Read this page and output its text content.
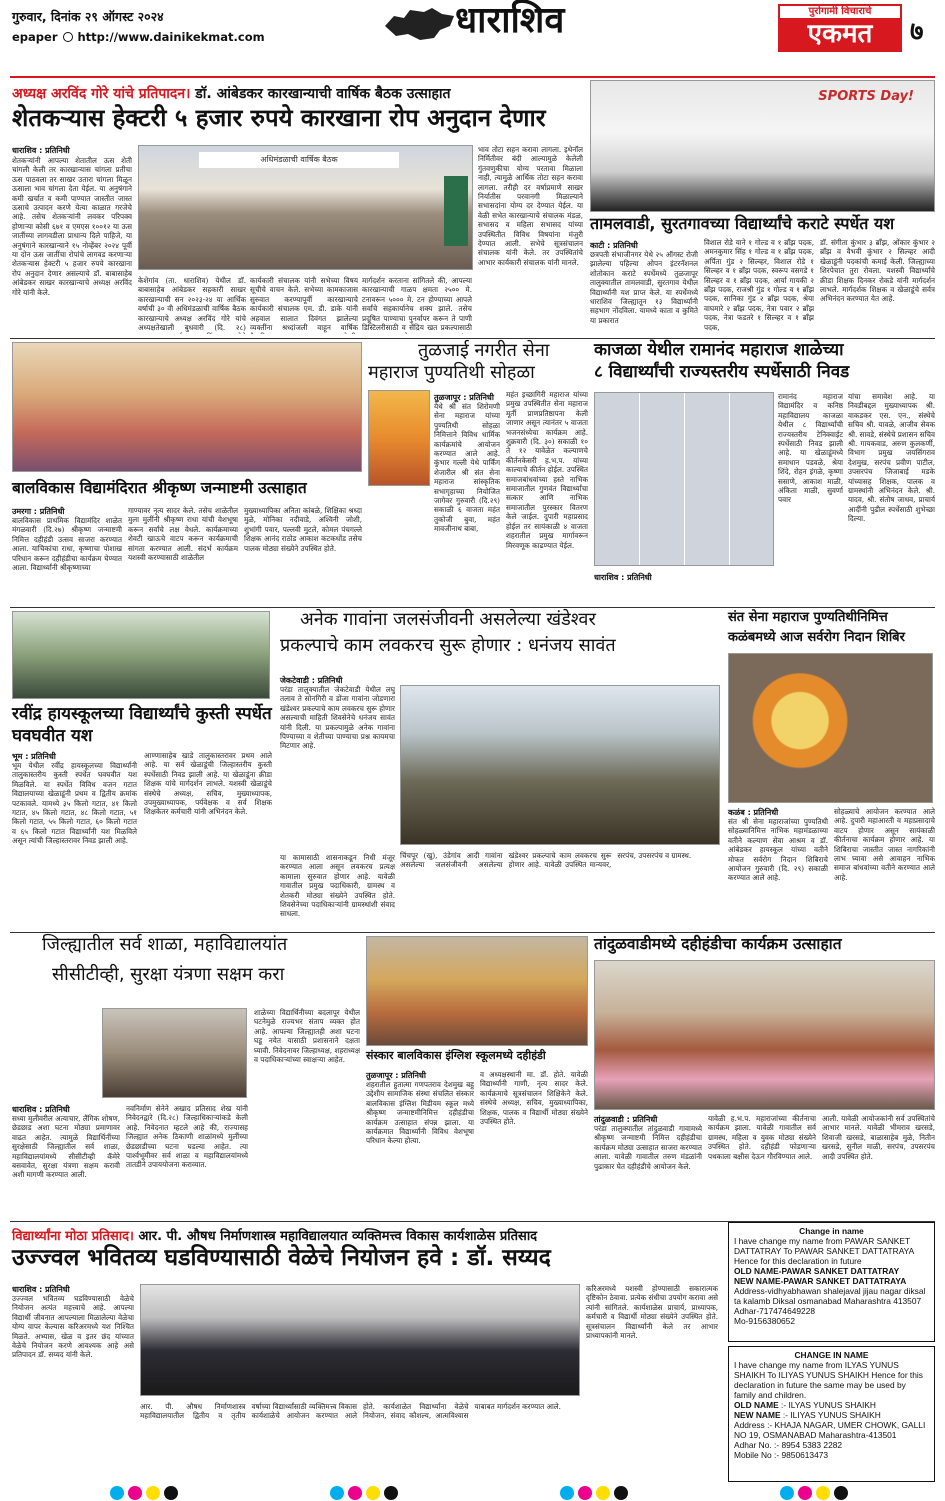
गुरुवार, दिनांक २९ ऑगस्ट २०२४
epaper http://www.dainikekmat.com	धाराशिव	पुरोगामी विचाराचे
एकमत	७
अध्यक्ष अरविंद गोरे यांचे प्रतिपादन। डॉ. आंबेडकर कारखान्याची वार्षिक बैठक उत्साहात
शेतकऱ्यास हेक्टरी ५ हजार रुपये कारखाना रोप अनुदान देणार
धाराशिव : प्रतिनिधी
शेतकऱ्यांनी आपल्या शेतातील ऊस शेती चांगली केली तर कारखान्यास चांगला प्रतीचा ऊस पाठवला तर साखर उतारा चांगला मिळून ऊसाला भाव चांगला देता येईल. या अनुषंगाने कमी खर्चात व कमी पाण्यात जास्तीत जास्त ऊसाचे उत्पादन करणे येत्या काळात गरजेचे आहे. तसेच शेतकऱ्यांनी लवकर परिपक्व होणाऱ्या कोसी ६७१ व एमएस १००१२ या ऊस जातींच्या लागवडीला प्राधान्य दिले पाहिजे, या अनुषंगाने कारखान्याने १५ नोव्हेंबर २०२४ पूर्वी या दोन ऊस जातींचा रोपांचे लागवड करणाऱ्या शेतकऱ्यास हेक्टरी ५ हजार रुपये कारखाना रोप अनुदान देणार असल्याचे डॉ. बाबासाहेब आंबेडकर साखर कारखान्याचे अध्यक्ष अरविंद गोरे यांनी केले.
अधिमंडळाची वार्षिक बैठक
केशेगांव (ता. धाराशिव) येथील डॉ. बाबासाहेब आंबेडकर सहकारी साखर कारखान्याची सन २०२३-२४ या आर्थिक वर्षाची ३० वी अधिमंडळाची वार्षिक बैठक कारखान्याचे अध्यक्ष अरविंद गोरे यांचे अध्यक्षतेखाली बुधवारी (दि. २८)
कार्यकारी संचालक यांनी सभेच्या विषय सूचीचे वाचन केले. सभेच्या कामकाजास सुरुवात करण्यापूर्वी कारखान्याचे कार्यकारी संचालक एम. डी. डाके यांनी अहवाल सालात दिवंगत झालेल्या व्यक्तींना श्रध्दांजली वाहून वार्षिक
मार्गदर्शन करताना सांगितले की, आपल्या कारखान्याची गाळप क्षमता २५०० मे. टनावरून ५००० मे. टन होण्याच्या आपले सर्वांचे सहकार्यानेच शक्य झाले. तसेच प्रदूषित पाण्याचा पुनर्वापर करून ते पाणी डिस्टिलरीसाठी व सेंद्रिय खत प्रकल्पासाठी
भाव तोटा सहन करावा लागला. इथेनॉल निर्मितीवर बंदी आल्यामुळे केलेली गुंतवणुकीचा योग्य परतावा मिळाला नाही, त्यामुळे आर्थिक तोटा सहन करावा लागला. तरीही दर वर्षाप्रमाणे साखर निर्यातीस परवानगी मिळाल्याने सभासदांना योग्य दर देण्यात येईल. या वेळी सभेत कारखान्याचे संचालक मंडळ, सभासद व महिला सभासद यांच्या उपस्थितीत विविध विषयांना मंजुरी देण्यात आली. सभेचे सूत्रसंचालन संचालक यांनी केले. तर उपस्थितांचे आभार कार्यकारी संचालक यांनी मानले.
SPORTS Day!
तामलवाडी, सुरतगावच्या विद्यार्थ्यांचे कराटे स्पर्धेत यश
काटी : प्रतिनिधी
छत्रपती संभाजीनगर येथे २५ ऑगस्ट रोजी झालेल्या पहिल्या ओपन इंटरनॅशनल शोतोकान कराटे स्पर्धेमध्ये तुळजापूर तालुक्यातील तामलवाडी, सुरतगाव येथील विद्यार्थ्यांनी यश प्राप्त केले. या स्पर्धेमध्ये धाराशिव जिल्ह्यातून १३ विद्यार्थ्यांनी सहभाग नोंदविला. यामध्ये काता व कुमिते या प्रकारात
विशाल रोडे याने १ गोल्ड व १ ब्राँझ पदक, अमनकुमार सिंह १ गोल्ड व १ ब्राँझ पदक, अर्पिता गुंड २ सिल्व्हर, विशाल रोडे १ सिल्व्हर व १ ब्राँझ पदक, स्वरूप वसगडे १ सिल्व्हर व १ ब्राँझ पदक, आर्या गायकी २ ब्राँझ पदक, राजश्री गुंड १ गोल्ड व १ ब्राँझ पदक, सानिका गुंड २ ब्राँझ पदक, श्रेया वाघमारे २ ब्राँझ पदक, नेत्रा पवार २ ब्राँझ पदक, नेत्रा फडतरे १ सिल्व्हर व १ ब्राँझ पदक,
डॉ. संगीता कुंभार ३ ब्राँझ, ओंकार कुंभार २ ब्राँझ व वैभवी कुंभार २ सिल्व्हर आदी खेळाडूंनी पदकांची कमाई केली. जिल्ह्याच्या शिरपेचात तुरा रोवला. यशस्वी विद्यार्थ्यांचे क्रीडा शिक्षक दिनकर रोकडे यांनी मार्गदर्शन लाभले. मार्गदर्शक शिक्षक व खेळाडूंचे सर्वत्र अभिनंदन करण्यात येत आहे.
बालविकास विद्यामंदिरात श्रीकृष्ण जन्माष्टमी उत्साहात
उमरगा : प्रतिनिधी
बालविकास प्राथमिक विद्यामंदिर शाळेत मंगळवारी (दि.२७) श्रीकृष्ण जन्माष्टमी निमित्त दहीहंडी उत्सव साजरा करण्यात आला. याचिकांचा राधा, कृष्णाचा पोशाख परिधान करून दहीहंडीचा कार्यक्रम घेण्यात आला. विद्यार्थ्यांनी श्रीकृष्णाच्या
गाण्यावर नृत्य सादर केले. तसेच शाळेतील मुला मुलींनी श्रीकृष्ण राधा यांची वेशभूषा करून सर्वांचे लक्ष वेधले. कार्यक्रमाच्या शेवटी खाऊचे वाटप करून कार्यक्रमाची सांगता करण्यात आली. संदर्भ कार्यक्रम यशस्वी करण्यासाठी शाळेतील
मुख्याध्यापिका अनिता कांबळे, शिक्षिका श्रध्दा मुळे, मोनिका नदीवाडे, अश्विनी जोशी, शुभांगी पवार, पल्लवी मुटले, कोमल पंचगल्ले शिक्षक आनंद राठोड आकाश कटकधोंड तसेच पालक मोठ्या संख्येने उपस्थित होते.
तुळजाई नगरीत सेना
महाराज पुण्यतिथी सोहळा
तुळजापूर : प्रतिनिधी
येथे श्री संत शिरोमणी सेना महाराज यांच्या पुण्यतिथी सोहळा निमित्ताने विविध धार्मिक कार्यक्रमांचे आयोजन करण्यात आले आहे. कुंभार गल्ली येथे पार्किंग शेजारील श्री संत सेना महाराज सांस्कृतिक सभागृहाच्या नियोजित जागेवर गुरुवारी (दि.२९) सकाळी ६ वाजता महंत तुकोजी बुवा, महंत मावजीनाथ बाबा,
महंत इच्छागिरी महाराज यांच्या प्रमुख उपस्थितीत सेना महाराज मूर्ती प्राणप्रतिष्ठापना केली जाणार असून त्यानंतर ५ वाजता भजनसंध्येचा कार्यक्रम आहे. शुक्रवारी (दि. ३०) सकाळी १० ते १२ यावेळेत कल्याणचे कीर्तनकेसरी ह.भ.प. यांच्या काल्याचे कीर्तन होईल. उपस्थित समाजबांधवांच्या हस्ते नाभिक समाजातील गुणवंत विद्यार्थ्यांचा सत्कार आणि नाभिक समाजातील पुरस्कार वितरण केले जाईल. दुपारी महाप्रसाद होईल तर सायंकाळी ४ वाजता शहरातील प्रमुख मार्गावरून मिरवणूक काढण्यात येईल.
काजळा येथील रामानंद महाराज शाळेच्या
८ विद्यार्थ्यांची राज्यस्तरीय स्पर्धेसाठी निवड
रामानंद महाराज विद्यामंदिर व कनिष्ठ महाविद्यालय काजळा येथील ८ विद्यार्थ्यांची राज्यस्तरीय टेनिक्वाईट स्पर्धेसाठी निवड झाली आहे. या खेळाडूंमध्ये समाधान पडवळे, श्रेया शिंदे, रोहन इंगळे, कृष्णा ससाणे, आकाश माळी, अंकिता माळी, सुवर्णा पवार
धाराशिव : प्रतिनिधी
यांचा समावेश आहे. या निवडीबद्दल मुख्याध्यापक श्री. वाकडकर एस. एन., संस्थेचे सचिव श्री. यावळे, आजीव सेवक श्री. सावडे, संस्थेचे प्रशासन सचिव श्री. गायकवाड, अरुण कुलकर्णी, विभाग प्रमुख जयसिंगराव देशमुख, सरपंच प्रवीण पाटील, उपसरपंच जिजाबाई मडके यांच्यासह शिक्षक, पालक व ग्रामस्थांनी अभिनंदन केले. श्री. यादव, श्री. संतोष जाधव, प्राचार्य आदींनी पुढील स्पर्धेसाठी शुभेच्छा दिल्या.
रवींद्र हायस्कूलच्या विद्यार्थ्यांचे कुस्ती स्पर्धेत घवघवीत यश
भूम : प्रतिनिधी
भूम येथील रवींद्र हायस्कूलच्या विद्यार्थ्यांनी तालुकास्तरीय कुस्ती स्पर्धेत घवघवीत यश मिळविले. या स्पर्धेत विविध वजन गटात विद्यालयाच्या खेळाडूंनी प्रथम व द्वितीय क्रमांक पटकावले. यामध्ये ३५ किलो गटात, ४१ किलो गटात, ४५ किलो गटात, ४८ किलो गटात, ५१ किलो गटात, ५५ किलो गटात, ६० किलो गटात व ६५ किलो गटात विद्यार्थ्यांनी यश मिळविले असून त्यांची जिल्हास्तरावर निवड झाली आहे.
आण्णासाहेब खाडे तालुकास्तरावर प्रथम आले आहे. या सर्व खेळाडूंची जिल्हास्तरीय कुस्ती स्पर्धेसाठी निवड झाली आहे. या खेळाडूंना क्रीडा शिक्षक यांचे मार्गदर्शन लाभले. यशस्वी खेळाडूंचे संस्थेचे अध्यक्ष, सचिव, मुख्याध्यापक, उपमुख्याध्यापक, पर्यवेक्षक व सर्व शिक्षक शिक्षकेतर कर्मचारी यांनी अभिनंदन केले.
अनेक गावांना जलसंजीवनी असलेल्या खंडेश्वर
प्रकल्पाचे काम लवकरच सुरू होणार : धनंजय सावंत
जेकटेवाडी : प्रतिनिधी
परंडा तालुक्यातील जेकटेवाडी येथील लघु तलाव ते सोनगिरी व डोंजा गावांना जोडणारा खंडेश्वर प्रकल्पाचे काम लवकरच सुरू होणार असल्याची माहिती शिवसेनेचे धनंजय सावंत यांनी दिली. या प्रकल्पामुळे अनेक गावांना पिण्याच्या व शेतीच्या पाण्याचा प्रश्न कायमचा मिटणार आहे.
या कामासाठी शासनाकडून निधी मंजूर करण्यात आला असून लवकरच प्रत्यक्ष कामाला सुरुवात होणार आहे. यावेळी गावातील प्रमुख पदाधिकारी, ग्रामस्थ व शेतकरी मोठ्या संख्येने उपस्थित होते. शिवसेनेच्या पदाधिकाऱ्यांनी ग्रामस्थांशी संवाद साधला.
चिंचपूर (खु), उंडेगांव आदी गावांना असलेल्या जलसंजीवनी असलेल्या खंडेश्वर प्रकल्पाचे काम लवकरच सुरू होणार आहे. यावेळी उपस्थित मान्यवर, सरपंच, उपसरपंच व ग्रामस्थ.
संत सेना महाराज पुण्यतिथीनिमित्त
कळंबमध्ये आज सर्वरोग निदान शिबिर
कळंब : प्रतिनिधी
संत श्री सेना महाराजांच्या पुण्यतिथी सोहळ्यानिमित्त नाभिक महामंडळाच्या वतीने कल्याण सेवा आश्रम व डॉ. आंबेडकर हायस्कूल यांच्या वतीने मोफत सर्वरोग निदान शिबिराचे आयोजन गुरुवारी (दि. २९) सकाळी करण्यात आले आहे.
सोहळ्याचे आयोजन करण्यात आले आहे. दुपारी महाआरती व महाप्रसादाचे वाटप होणार असून सायंकाळी कीर्तनाचा कार्यक्रम होणार आहे. या शिबिराचा जास्तीत जास्त नागरिकांनी लाभ घ्यावा असे आवाहन नाभिक समाज बांधवांच्या वतीने करण्यात आले आहे.
जिल्ह्यातील सर्व शाळा, महाविद्यालयांत
सीसीटीव्ही, सुरक्षा यंत्रणा सक्षम करा
धाराशिव : प्रतिनिधी
सध्या मुलीवरील अत्याचार, लैंगिक शोषण, छेडछाड अशा घटना मोठ्या प्रमाणावर वाढत आहेत. त्यामुळे विद्यार्थिनींच्या सुरक्षेसाठी जिल्ह्यातील सर्व शाळा, महाविद्यालयांमध्ये सीसीटीव्ही कॅमेरे बसवावेत, सुरक्षा यंत्रणा सक्षम करावी अशी मागणी करण्यात आली.
नवनिर्माण सेनेने अखाद प्रतिसाद शेख यांनी निवेदनद्वारे (दि.२८) जिल्हाधिकाऱ्यांकडे केली आहे. निवेदनात म्हटले आहे की, राज्यासह जिल्ह्यात अनेक ठिकाणी शाळांमध्ये मुलींच्या छेडछाडीच्या घटना घडल्या आहेत. त्या पार्श्वभूमीवर सर्व शाळा व महाविद्यालयांमध्ये तातडीने उपाययोजना कराव्यात.
शाळेच्या विद्यार्थिनीच्या बदलापूर येथील घटनेमुळे राज्यभर संताप व्यक्त होत आहे. आपल्या जिल्ह्यातही अशा घटना घडू नयेत यासाठी प्रशासनाने दक्षता घ्यावी. निवेदनावर जिल्हाध्यक्ष, शहराध्यक्ष व पदाधिकाऱ्यांच्या स्वाक्षऱ्या आहेत.	संस्कार बालविकास इंग्लिश स्कूलमध्ये दहीहंडी
तुळजापूर : प्रतिनिधी
शहरातील हुतात्मा गणपतराव देशमुख बहु उद्देशीय सामाजिक संस्था संचलित संस्कार बालविकास इंग्लिश मिडीयम स्कूल मध्ये श्रीकृष्ण जन्माष्टमीनिमित्त दहीहंडीचा कार्यक्रम उत्साहात संपन्न झाला. या कार्यक्रमात विद्यार्थ्यांनी विविध वेशभूषा परिधान केल्या होत्या.
व अध्यक्षस्थानी मा. डॉ. होते. यावेळी विद्यार्थ्यांनी गाणी, नृत्य सादर केले. कार्यक्रमाचे सूत्रसंचालन शिक्षिकेने केले. संस्थेचे अध्यक्ष, सचिव, मुख्याध्यापिका, शिक्षक, पालक व विद्यार्थी मोठ्या संख्येने उपस्थित होते.
तांदुळवाडीमध्ये दहीहंडीचा कार्यक्रम उत्साहात
तांदुळवाडी : प्रतिनिधी
परंडा तालुक्यातील तांदुळवाडी गावामध्ये श्रीकृष्ण जन्माष्टमी निमित्त दहीहंडीचा कार्यक्रम मोठ्या उत्साहात साजरा करण्यात आला. यावेळी गावातील तरुण मंडळांनी पुढाकार घेत दहीहंडीचे आयोजन केले.
यावेळी ह.भ.प. महाराजांच्या कीर्तनाचा कार्यक्रम झाला. यावेळी गावातील सर्व ग्रामस्थ, महिला व युवक मोठ्या संख्येने उपस्थित होते. दहीहंडी फोडणाऱ्या पथकाला बक्षीस देऊन गौरविण्यात आले.
आली. यावेळी आयोजकांनी सर्व उपस्थितांचे आभार मानले. यावेळी भीमराव खरसडे, शिवाजी खरसडे, बाळासाहेब मुळे, नितीन खरसडे, सुनील माळी, सरपंच, उपसरपंच आदी उपस्थित होते.
विद्यार्थ्यांना मोठा प्रतिसाद। आर. पी. औषध निर्माणशास्त्र महाविद्यालयात व्यक्तिमत्त्व विकास कार्यशाळेस प्रतिसाद
उज्ज्वल भवितव्य घडविण्यासाठी वेळेचे नियोजन हवे : डॉ. सय्यद
धाराशिव : प्रतिनिधी
उज्ज्वल भवितव्य घडविण्यासाठी वेळेचे नियोजन अत्यंत महत्त्वाचे आहे. आपल्या विद्यार्थी जीवनात आपल्याला मिळालेल्या वेळेचा योग्य वापर केल्यास करिअरमध्ये यश निश्चित मिळते. अभ्यास, खेळ व इतर छंद यांच्यात वेळेचे नियोजन करणे आवश्यक आहे असे प्रतिपादन डॉ. सय्यद यांनी केले.
आर. पी. औषध निर्माणशास्त्र महाविद्यालयातील द्वितीय व तृतीय वर्षाच्या विद्यार्थ्यांसाठी व्यक्तिमत्त्व विकास कार्यशाळेचे आयोजन करण्यात आले होते. कार्यशाळेत विद्यार्थ्यांना वेळेचे नियोजन, संवाद कौशल्य, आत्मविश्वास याबाबत मार्गदर्शन करण्यात आले.
करिअरमध्ये यशस्वी होण्यासाठी सकारात्मक दृष्टिकोन ठेवावा. प्रत्येक संधीचा उपयोग करावा असे त्यांनी सांगितले. कार्यशाळेस प्राचार्य, प्राध्यापक, कर्मचारी व विद्यार्थी मोठ्या संख्येने उपस्थित होते. सूत्रसंचालन विद्यार्थ्यांनी केले तर आभार प्राध्यापकांनी मानले.
Change in name
I have change my name from PAWAR SANKET DATTATRAY To PAWAR SANKET DATTATRAYA Hence for this declaration in future
OLD NAME-PAWAR SANKET DATTATRAY
NEW NAME-PAWAR SANKET DATTATRAYA
Address-vidhyabhawan shalejaval jijau nagar diksal ta kalamb Diksal osmanabad Maharashtra 413507
Adhar-717474649228
Mo-9156380652
CHANGE IN NAME
I have change my name from ILYAS YUNUS SHAIKH To ILIYAS YUNUS SHAIKH Hence for this declaration in future the same may be used by family and children.
OLD NAME :- ILYAS YUNUS SHAIKH
NEW NAME :- ILIYAS YUNUS SHAIKH
Address :- KHAJA NAGAR, UMER CHOWK, GALLI NO 19, OSMANABAD Maharashtra-413501
Adhar No. :- 8954 5383 2282
Mobile No :- 9850613473
